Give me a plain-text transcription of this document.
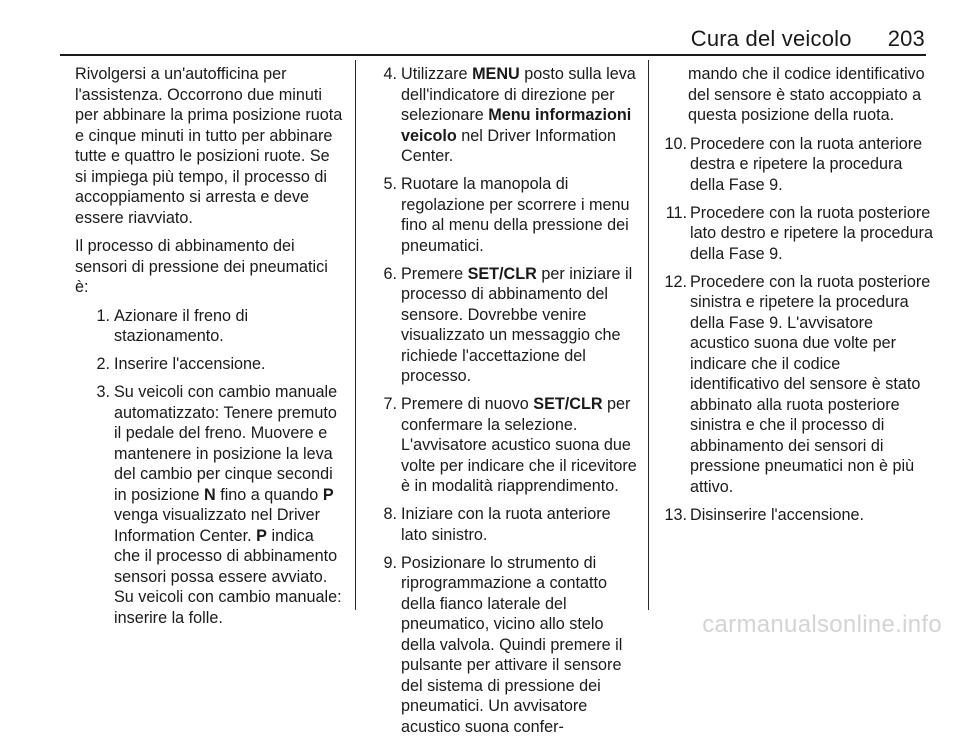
Cura del veicolo 203

Rivolgersi a un'autofficina per l'assistenza. Occorrono due minuti per abbinare la prima posizione ruota e cinque minuti in tutto per abbinare tutte e quattro le posizioni ruote. Se si impiega più tempo, il processo di accoppiamento si arresta e deve essere riavviato.

Il processo di abbinamento dei sensori di pressione dei pneumatici è:

1. Azionare il freno di stazionamento.
2. Inserire l'accensione.
3. Su veicoli con cambio manuale automatizzato: Tenere premuto il pedale del freno. Muovere e mantenere in posizione la leva del cambio per cinque secondi in posizione N fino a quando P venga visualizzato nel Driver Information Center. P indica che il processo di abbinamento sensori possa essere avviato.

Su veicoli con cambio manuale: inserire la folle.

4. Utilizzare MENU posto sulla leva dell'indicatore di direzione per selezionare Menu informazioni veicolo nel Driver Information Center.
5. Ruotare la manopola di regolazione per scorrere i menu fino al menu della pressione dei pneumatici.
6. Premere SET/CLR per iniziare il processo di abbinamento del sensore. Dovrebbe venire visualizzato un messaggio che richiede l'accettazione del processo.
7. Premere di nuovo SET/CLR per confermare la selezione. L'avvisatore acustico suona due volte per indicare che il ricevitore è in modalità riapprendimento.
8. Iniziare con la ruota anteriore lato sinistro.
9. Posizionare lo strumento di riprogrammazione a contatto della fianco laterale del pneumatico, vicino allo stelo della valvola. Quindi premere il pulsante per attivare il sensore del sistema di pressione dei pneumatici. Un avvisatore acustico suona confer-

mando che il codice identificativo del sensore è stato accoppiato a questa posizione della ruota.

10. Procedere con la ruota anteriore destra e ripetere la procedura della Fase 9.
11. Procedere con la ruota posteriore lato destro e ripetere la procedura della Fase 9.
12. Procedere con la ruota posteriore sinistra e ripetere la procedura della Fase 9. L'avvisatore acustico suona due volte per indicare che il codice identificativo del sensore è stato abbinato alla ruota posteriore sinistra e che il processo di abbinamento dei sensori di pressione pneumatici non è più attivo.
13. Disinserire l'accensione.
carmanualsonline.info
